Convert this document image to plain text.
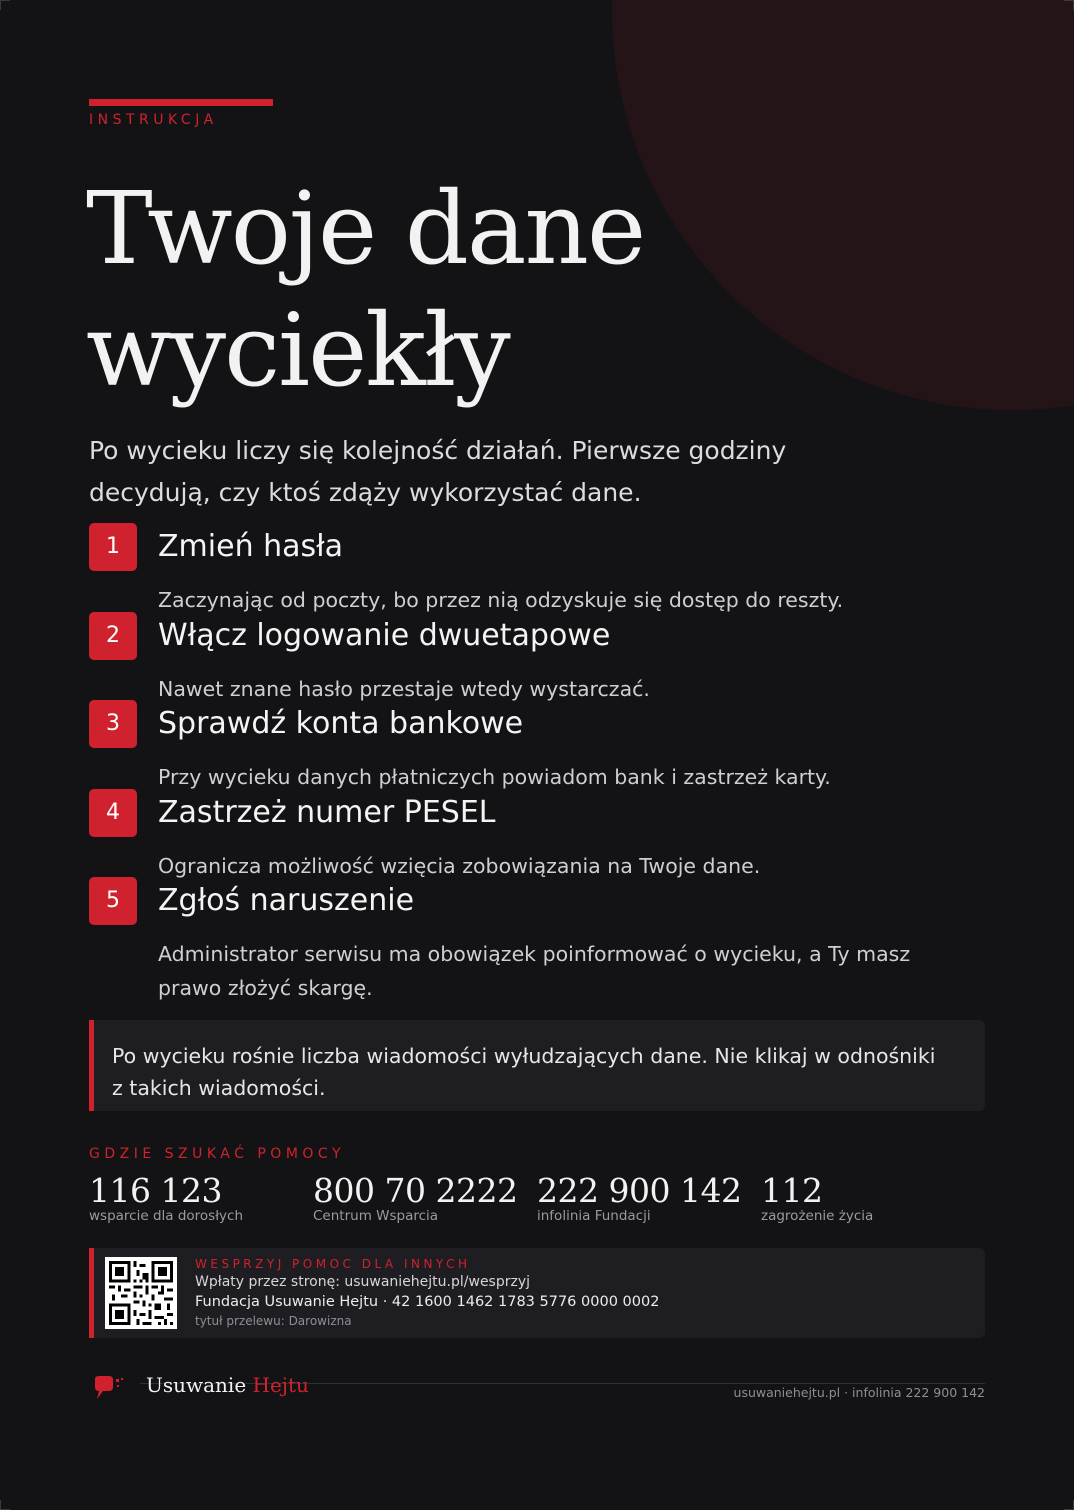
INSTRUKCJA
Twoje dane
wyciekły

Po wycieku liczy się kolejność działań. Pierwsze godziny decydują, czy ktoś zdąży wykorzystać dane.

1	Zmień hasła
Zaczynając od poczty, bo przez nią odzyskuje się dostęp do reszty.
2	Włącz logowanie dwuetapowe
Nawet znane hasło przestaje wtedy wystarczać.
3	Sprawdź konta bankowe
Przy wycieku danych płatniczych powiadom bank i zastrzeż karty.
4	Zastrzeż numer PESEL
Ogranicza możliwość wzięcia zobowiązania na Twoje dane.
5	Zgłoś naruszenie
Administrator serwisu ma obowiązek poinformować o wycieku, a Ty masz prawo złożyć skargę.
Po wycieku rośnie liczba wiadomości wyłudzających dane. Nie klikaj w odnośniki z takich wiadomości.
GDZIE SZUKAĆ POMOCY
116 123
wsparcie dla dorosłych
800 70 2222
Centrum Wsparcia
222 900 142
infolinia Fundacji
112
zagrożenie życia
WESPRZYJ POMOC DLA INNYCH
Wpłaty przez stronę: usuwaniehejtu.pl/wesprzyj
Fundacja Usuwanie Hejtu · 42 1600 1462 1783 5776 0000 0002
tytuł przelewu: Darowizna
Usuwanie Hejtu	usuwaniehejtu.pl · infolinia 222 900 142
